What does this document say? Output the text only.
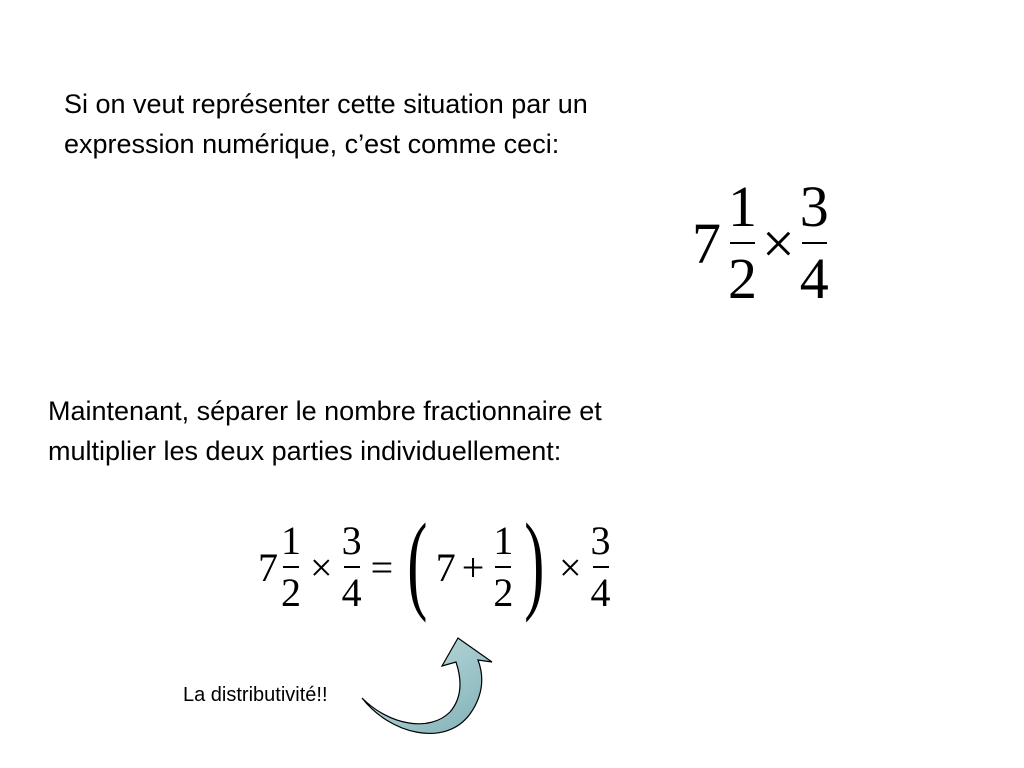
Si on veut représenter cette situation par un
expression numérique, c’est comme ceci:

$7 \frac{1}{2} \times \frac{3}{4}$

Maintenant, séparer le nombre fractionnaire et
multiplier les deux parties individuellement:

$7 \frac{1}{2} \times \frac{3}{4}$ = ( $7 + \frac{1}{2}$ ) × $\frac{3}{4}$

La distributivité!!
